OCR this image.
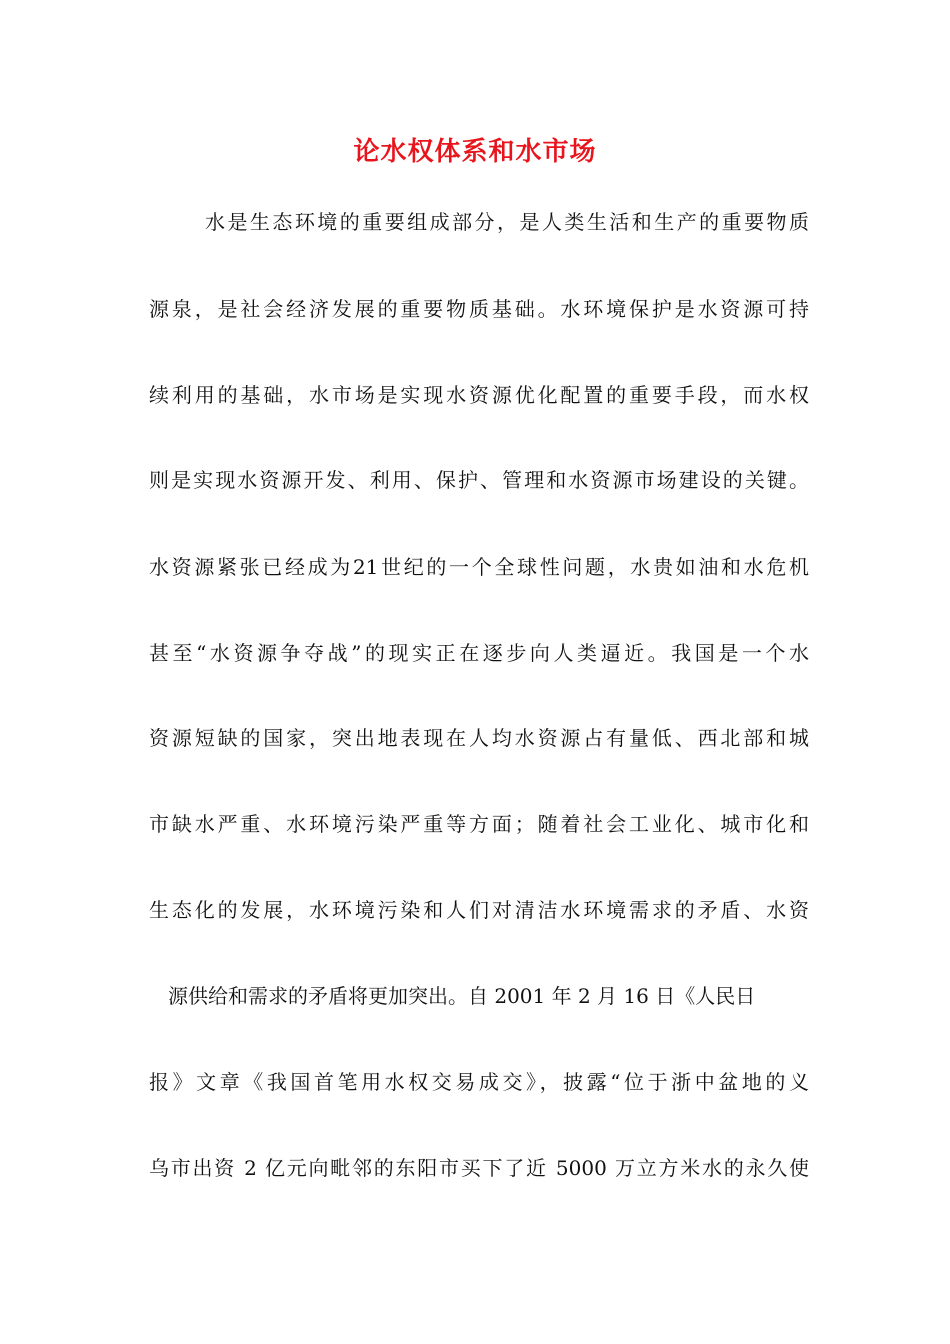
论水权体系和水市场
水是生态环境的重要组成部分，是人类生活和生产的重要物质
源泉，是社会经济发展的重要物质基础。水环境保护是水资源可持
续利用的基础，水市场是实现水资源优化配置的重要手段，而水权
则是实现水资源开发、利用、保护、管理和水资源市场建设的关键。
水资源紧张已经成为21世纪的一个全球性问题，水贵如油和水危机
甚至“水资源争夺战”的现实正在逐步向人类逼近。我国是一个水
资源短缺的国家，突出地表现在人均水资源占有量低、西北部和城
市缺水严重、水环境污染严重等方面；随着社会工业化、城市化和
生态化的发展，水环境污染和人们对清洁水环境需求的矛盾、水资
源供给和需求的矛盾将更加突出。自 2001 年 2 月 16 日《人民日
报》文章《我国首笔用水权交易成交》，披露“位于浙中盆地的义
乌市出资 2 亿元向毗邻的东阳市买下了近 5000 万立方米水的永久使
